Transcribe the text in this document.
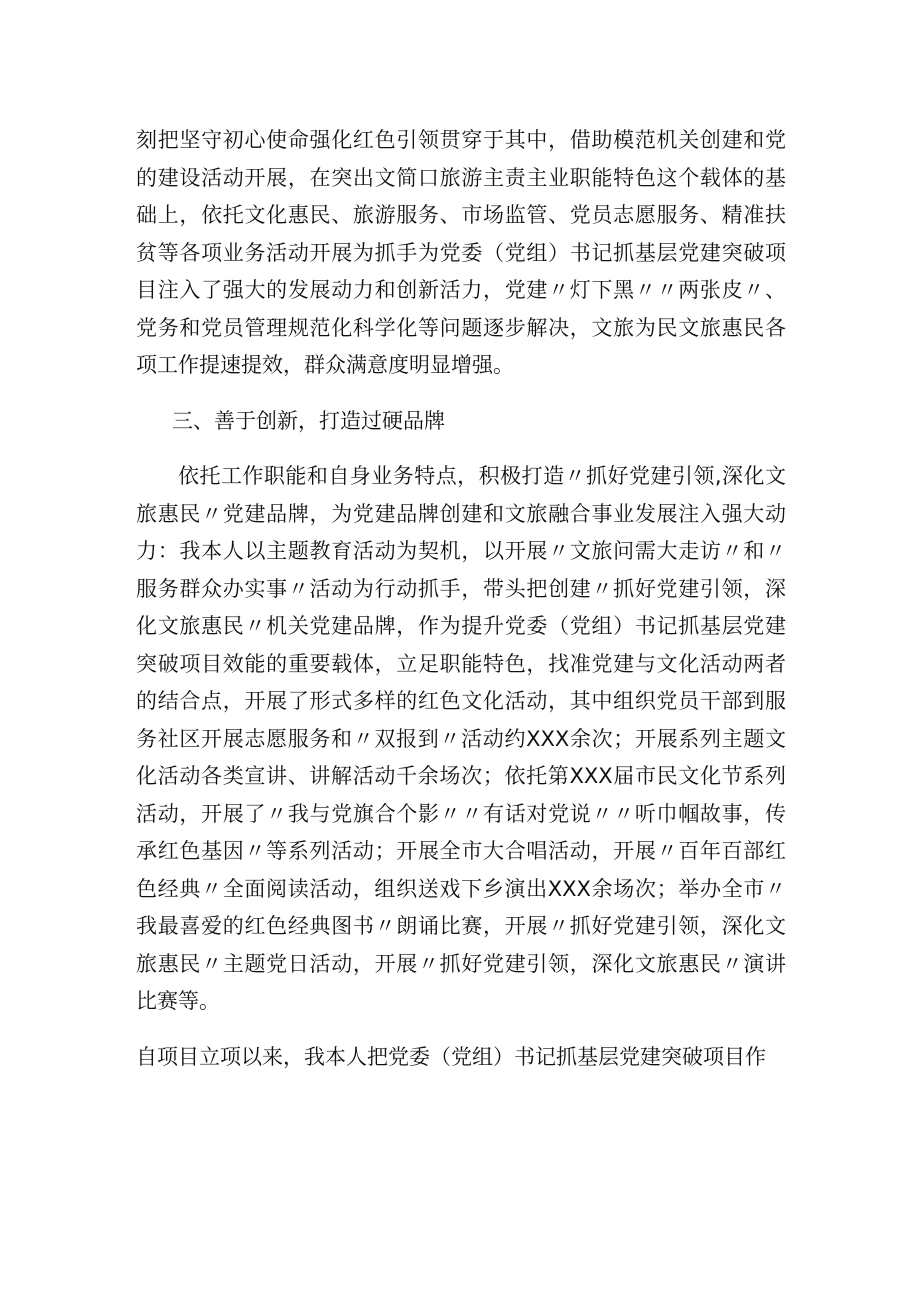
刻把坚守初心使命强化红色引领贯穿于其中，借助模范机关创建和党的建设活动开展，在突出文简口旅游主责主业职能特色这个载体的基础上，依托文化惠民、旅游服务、市场监管、党员志愿服务、精准扶贫等各项业务活动开展为抓手为党委（党组）书记抓基层党建突破项目注入了强大的发展动力和创新活力，党建〃灯下黑〃〃两张皮〃、党务和党员管理规范化科学化等问题逐步解决，文旅为民文旅惠民各项工作提速提效，群众满意度明显增强。

三、善于创新，打造过硬品牌

依托工作职能和自身业务特点，积极打造〃抓好党建引领,深化文旅惠民〃党建品牌，为党建品牌创建和文旅融合事业发展注入强大动力：我本人以主题教育活动为契机，以开展〃文旅问需大走访〃和〃服务群众办实事〃活动为行动抓手，带头把创建〃抓好党建引领，深化文旅惠民〃机关党建品牌，作为提升党委（党组）书记抓基层党建突破项目效能的重要载体，立足职能特色，找准党建与文化活动两者的结合点，开展了形式多样的红色文化活动，其中组织党员干部到服务社区开展志愿服务和〃双报到〃活动约XXX余次；开展系列主题文化活动各类宣讲、讲解活动千余场次；依托第XXX届市民文化节系列活动，开展了〃我与党旗合个影〃〃有话对党说〃〃听巾帼故事，传承红色基因〃等系列活动；开展全市大合唱活动，开展〃百年百部红色经典〃全面阅读活动，组织送戏下乡演出XXX余场次；举办全市〃我最喜爱的红色经典图书〃朗诵比赛，开展〃抓好党建引领，深化文旅惠民〃主题党日活动，开展〃抓好党建引领，深化文旅惠民〃演讲比赛等。

自项目立项以来，我本人把党委（党组）书记抓基层党建突破项目作
